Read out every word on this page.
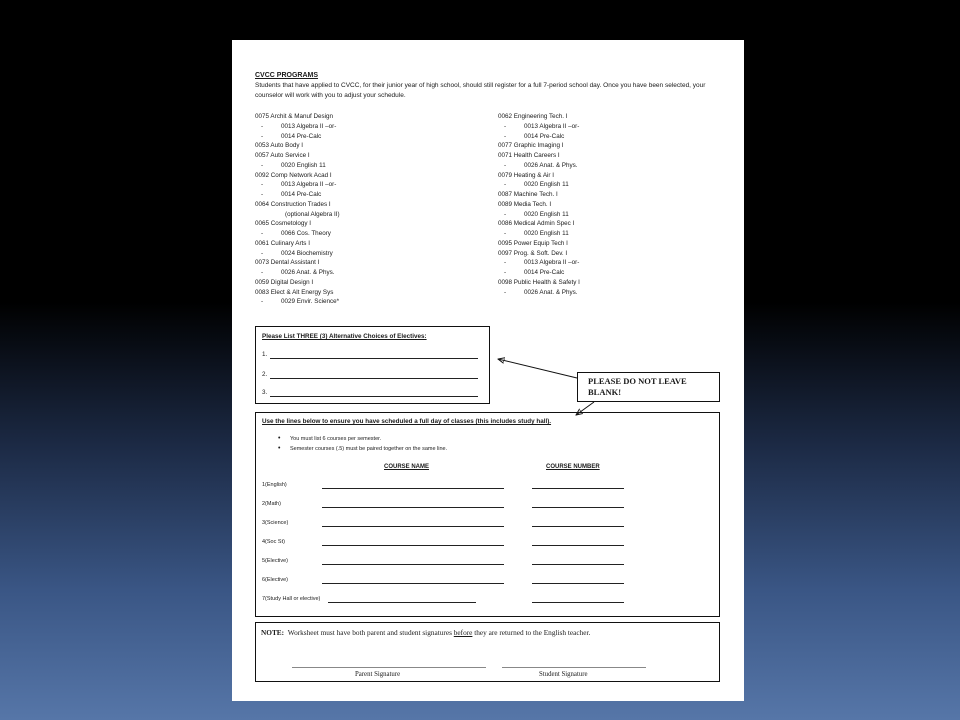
CVCC PROGRAMS
Students that have applied to CVCC, for their junior year of high school, should still register for a full 7-period school day. Once you have been selected, your counselor will work with you to adjust your schedule.
0075 Archit & Manuf Design
-	0013 Algebra II –or-
-	0014 Pre-Calc
0053 Auto Body I
0057 Auto Service I
-	0020 English 11
0092 Comp Network Acad I
-	0013 Algebra II –or-
-	0014 Pre-Calc
0064 Construction Trades I
(optional Algebra II)
0065 Cosmetology I
-	0066 Cos. Theory
0061 Culinary Arts I
-	0024 Biochemistry
0073 Dental Assistant I
-	0026 Anat. & Phys.
0059 Digital Design I
0083 Elect & Alt Energy Sys
-	0029 Envir. Science*
0062 Engineering Tech. I
-	0013 Algebra II –or-
-	0014 Pre-Calc
0077 Graphic Imaging I
0071 Health Careers I
-	0026 Anat. & Phys.
0079 Heating & Air I
-	0020 English 11
0087 Machine Tech. I
0089 Media Tech. I
-	0020 English 11
0086 Medical Admin Spec I
-	0020 English 11
0095 Power Equip Tech I
0097 Prog. & Soft. Dev. I
-	0013 Algebra II –or-
-	0014 Pre-Calc
0098 Public Health & Safety I
-	0026 Anat. & Phys.
Please List THREE (3) Alternative Choices of Electives:
1.
2.
3.
PLEASE DO NOT LEAVE BLANK!
Use the lines below to ensure you have scheduled a full day of classes (this includes study hall).
• You must list 6 courses per semester.
• Semester courses (.5) must be paired together on the same line.
COURSE NAME	COURSE NUMBER
1(English)
2(Math)
3(Science)
4(Soc St)
5(Elective)
6(Elective)
7(Study Hall or elective)
NOTE: Worksheet must have both parent and student signatures before they are returned to the English teacher.
Parent Signature	Student Signature
